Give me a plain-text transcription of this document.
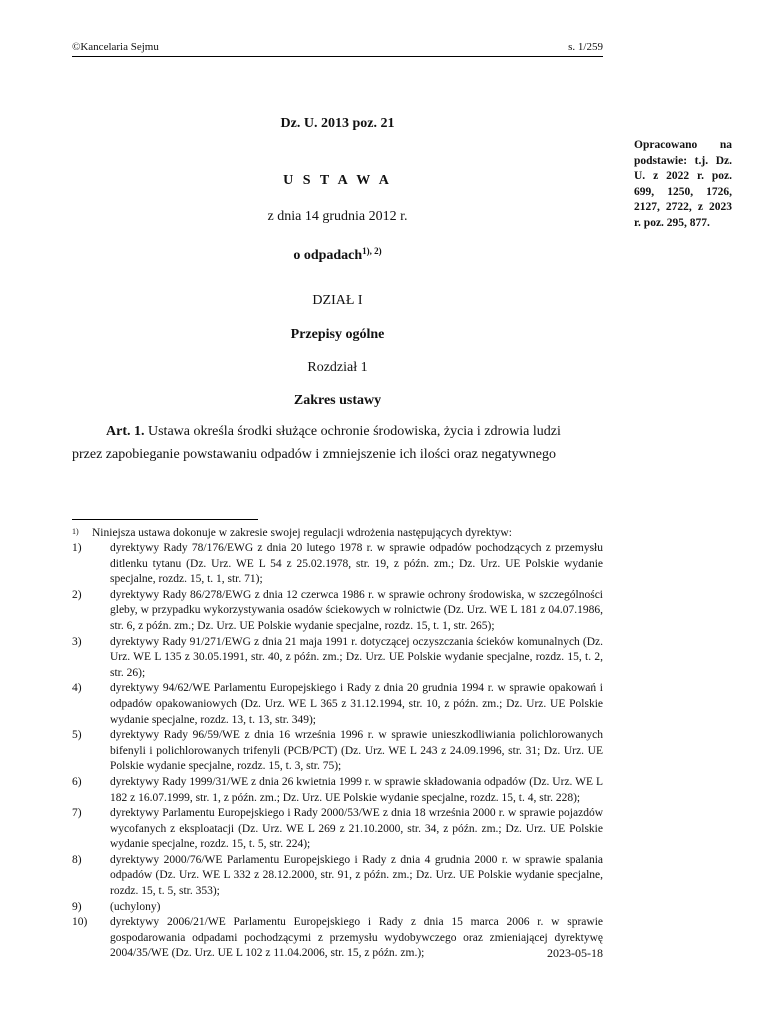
©Kancelaria Sejmu	s. 1/259
Opracowano na podstawie: t.j. Dz. U. z 2022 r. poz. 699, 1250, 1726, 2127, 2722, z 2023 r. poz. 295, 877.
Dz. U. 2013 poz. 21
U S T A W A
z dnia 14 grudnia 2012 r.
o odpadach$^{1), 2)}$
DZIAŁ I
Przepisy ogólne
Rozdział 1
Zakres ustawy
Art. 1. Ustawa określa środki służące ochronie środowiska, życia i zdrowia ludzi
przez zapobieganie powstawaniu odpadów i zmniejszenie ich ilości oraz negatywnego
1) Niniejsza ustawa dokonuje w zakresie swojej regulacji wdrożenia następujących dyrektyw:
1)	dyrektywy Rady 78/176/EWG z dnia 20 lutego 1978 r. w sprawie odpadów pochodzących z przemysłu ditlenku tytanu (Dz. Urz. WE L 54 z 25.02.1978, str. 19, z późn. zm.; Dz. Urz. UE Polskie wydanie specjalne, rozdz. 15, t. 1, str. 71);
2)	dyrektywy Rady 86/278/EWG z dnia 12 czerwca 1986 r. w sprawie ochrony środowiska, w szczególności gleby, w przypadku wykorzystywania osadów ściekowych w rolnictwie (Dz. Urz. WE L 181 z 04.07.1986, str. 6, z późn. zm.; Dz. Urz. UE Polskie wydanie specjalne, rozdz. 15, t. 1, str. 265);
3)	dyrektywy Rady 91/271/EWG z dnia 21 maja 1991 r. dotyczącej oczyszczania ścieków komunalnych (Dz. Urz. WE L 135 z 30.05.1991, str. 40, z późn. zm.; Dz. Urz. UE Polskie wydanie specjalne, rozdz. 15, t. 2, str. 26);
4)	dyrektywy 94/62/WE Parlamentu Europejskiego i Rady z dnia 20 grudnia 1994 r. w sprawie opakowań i odpadów opakowaniowych (Dz. Urz. WE L 365 z 31.12.1994, str. 10, z późn. zm.; Dz. Urz. UE Polskie wydanie specjalne, rozdz. 13, t. 13, str. 349);
5)	dyrektywy Rady 96/59/WE z dnia 16 września 1996 r. w sprawie unieszkodliwiania polichlorowanych bifenyli i polichlorowanych trifenyli (PCB/PCT) (Dz. Urz. WE L 243 z 24.09.1996, str. 31; Dz. Urz. UE Polskie wydanie specjalne, rozdz. 15, t. 3, str. 75);
6)	dyrektywy Rady 1999/31/WE z dnia 26 kwietnia 1999 r. w sprawie składowania odpadów (Dz. Urz. WE L 182 z 16.07.1999, str. 1, z późn. zm.; Dz. Urz. UE Polskie wydanie specjalne, rozdz. 15, t. 4, str. 228);
7)	dyrektywy Parlamentu Europejskiego i Rady 2000/53/WE z dnia 18 września 2000 r. w sprawie pojazdów wycofanych z eksploatacji (Dz. Urz. WE L 269 z 21.10.2000, str. 34, z późn. zm.; Dz. Urz. UE Polskie wydanie specjalne, rozdz. 15, t. 5, str. 224);
8)	dyrektywy 2000/76/WE Parlamentu Europejskiego i Rady z dnia 4 grudnia 2000 r. w sprawie spalania odpadów (Dz. Urz. WE L 332 z 28.12.2000, str. 91, z późn. zm.; Dz. Urz. UE Polskie wydanie specjalne, rozdz. 15, t. 5, str. 353);
9)	(uchylony)
10)	dyrektywy 2006/21/WE Parlamentu Europejskiego i Rady z dnia 15 marca 2006 r. w sprawie gospodarowania odpadami pochodzącymi z przemysłu wydobywczego oraz zmieniającej dyrektywę 2004/35/WE (Dz. Urz. UE L 102 z 11.04.2006, str. 15, z późn. zm.);	2023-05-18
